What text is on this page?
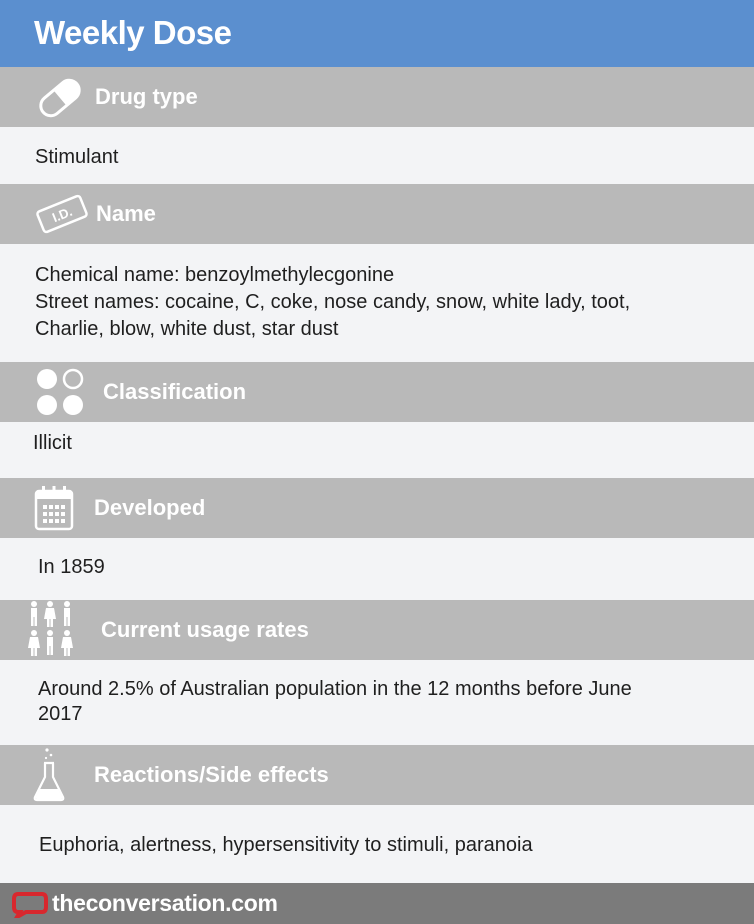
Weekly Dose
Drug type
Stimulant
I.D. Name
Chemical name: benzoylmethylecgonine
Street names: cocaine, C, coke, nose candy, snow, white lady, toot,
Charlie, blow, white dust, star dust
Classification
Illicit
Developed
In 1859
Current usage rates
Around 2.5% of Australian population in the 12 months before June
2017
Reactions/Side effects
Euphoria, alertness, hypersensitivity to stimuli, paranoia
theconversation.com
